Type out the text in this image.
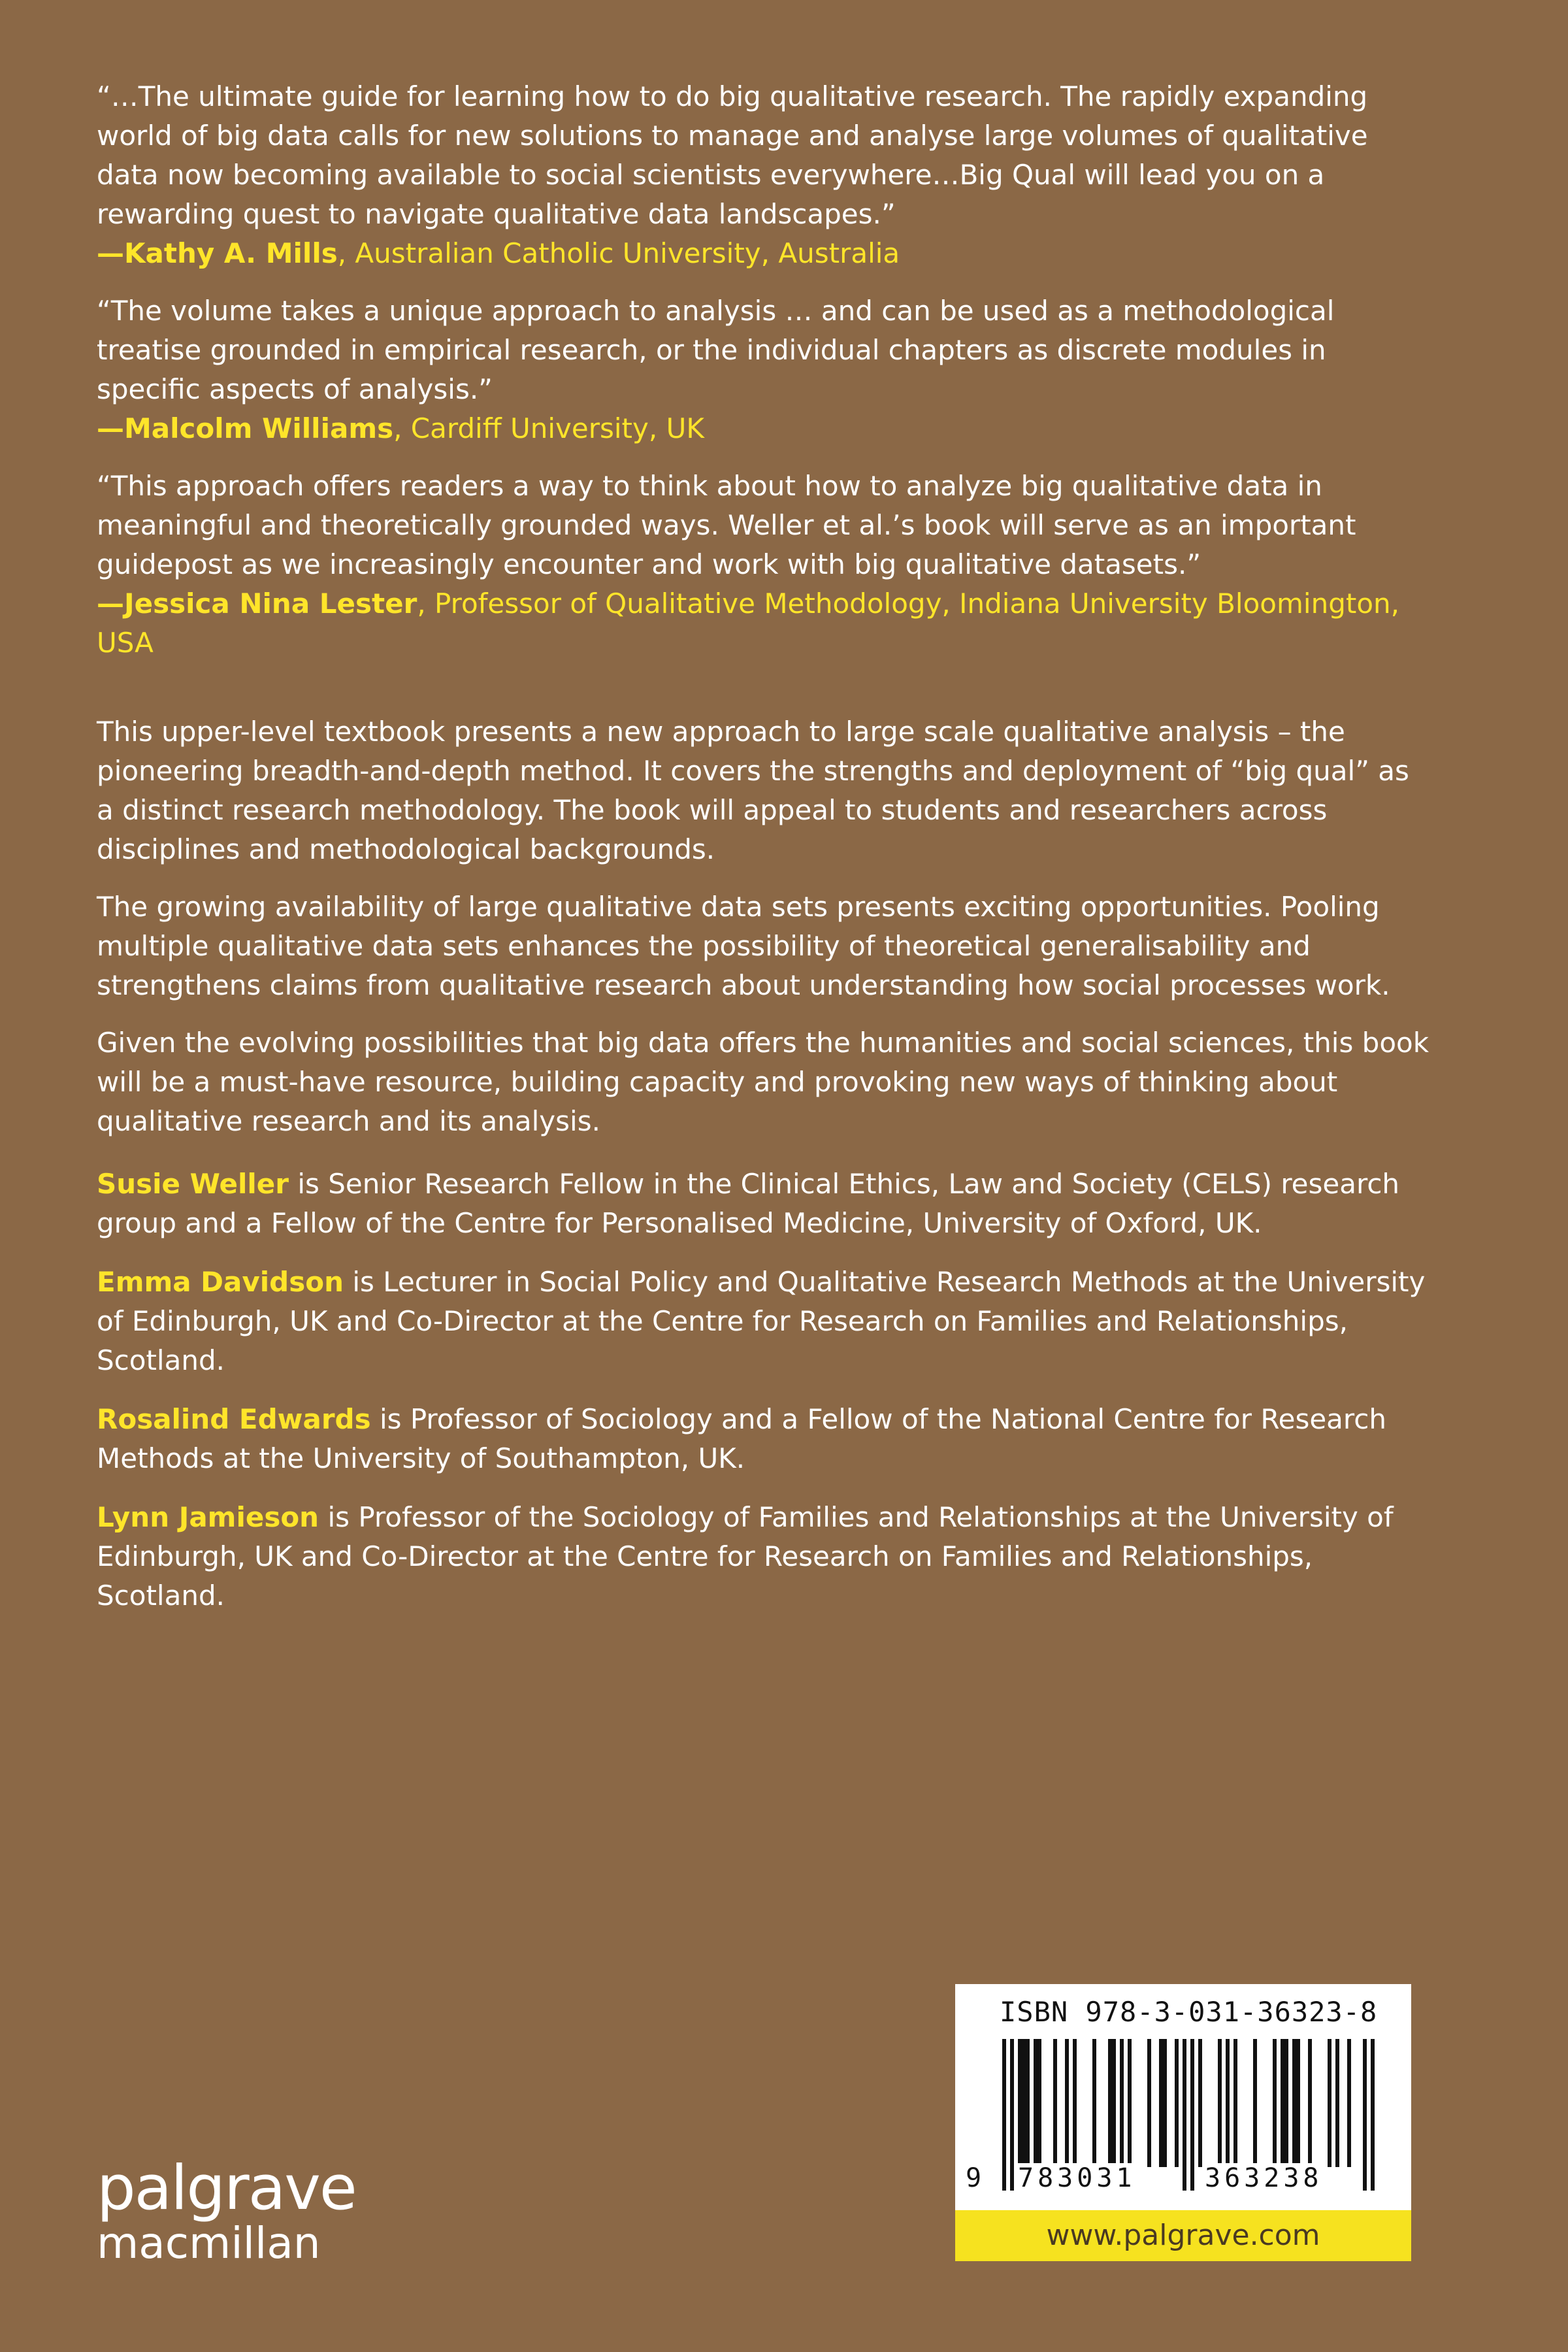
“…The ultimate guide for learning how to do big qualitative research. The rapidly expanding world of big data calls for new solutions to manage and analyse large volumes of qualitative data now becoming available to social scientists everywhere…Big Qual will lead you on a rewarding quest to navigate qualitative data landscapes.”

—Kathy A. Mills, Australian Catholic University, Australia

“The volume takes a unique approach to analysis … and can be used as a methodological treatise grounded in empirical research, or the individual chapters as discrete modules in specific aspects of analysis.”

—Malcolm Williams, Cardiff University, UK

“This approach offers readers a way to think about how to analyze big qualitative data in meaningful and theoretically grounded ways. Weller et al.’s book will serve as an important guidepost as we increasingly encounter and work with big qualitative datasets.”

—Jessica Nina Lester, Professor of Qualitative Methodology, Indiana University Bloomington, USA

This upper-level textbook presents a new approach to large scale qualitative analysis – the pioneering breadth-and-depth method. It covers the strengths and deployment of “big qual” as a distinct research methodology. The book will appeal to students and researchers across disciplines and methodological backgrounds.

The growing availability of large qualitative data sets presents exciting opportunities. Pooling multiple qualitative data sets enhances the possibility of theoretical generalisability and strengthens claims from qualitative research about understanding how social processes work.

Given the evolving possibilities that big data offers the humanities and social sciences, this book will be a must-have resource, building capacity and provoking new ways of thinking about qualitative research and its analysis.

Susie Weller is Senior Research Fellow in the Clinical Ethics, Law and Society (CELS) research group and a Fellow of the Centre for Personalised Medicine, University of Oxford, UK.

Emma Davidson is Lecturer in Social Policy and Qualitative Research Methods at the University of Edinburgh, UK and Co-Director at the Centre for Research on Families and Relationships, Scotland.

Rosalind Edwards is Professor of Sociology and a Fellow of the National Centre for Research Methods at the University of Southampton, UK.

Lynn Jamieson is Professor of the Sociology of Families and Relationships at the University of Edinburgh, UK and Co-Director at the Centre for Research on Families and Relationships, Scotland.

palgrave
macmillan
ISBN 978-3-031-36323-8
9 783031	363238
www.palgrave.com
